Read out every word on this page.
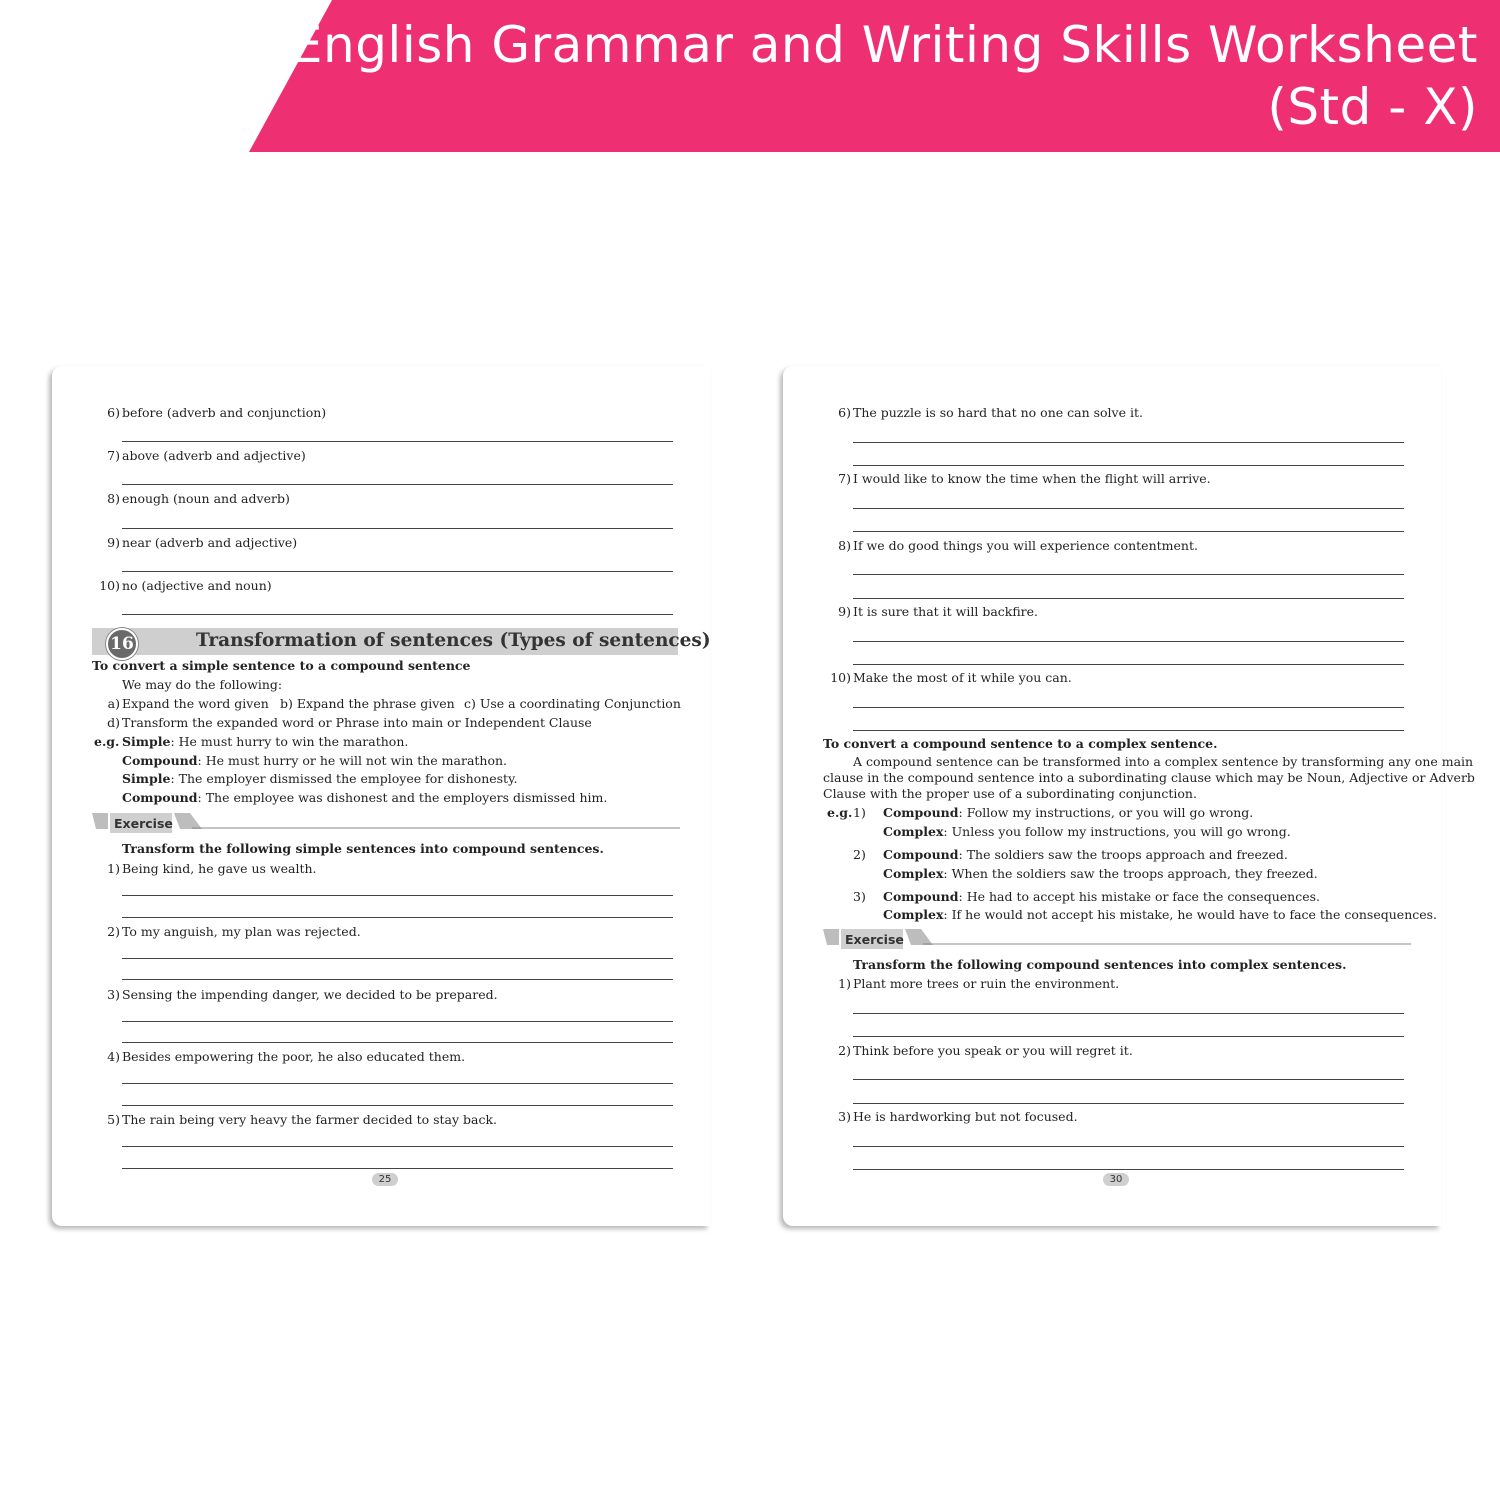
English Grammar and Writing Skills Worksheet
(Std - X)
6) before (adverb and conjunction)
7) above (adverb and adjective)
8) enough (noun and adverb)
9) near (adverb and adjective)
10) no (adjective and noun)
16	Transformation of sentences (Types of sentences)
To convert a simple sentence to a compound sentence
We may do the following:
a) Expand the word given b) Expand the phrase given c) Use a coordinating Conjunction
d) Transform the expanded word or Phrase into main or Independent Clause
e.g. Simple: He must hurry to win the marathon.
Compound: He must hurry or he will not win the marathon.
Simple: The employer dismissed the employee for dishonesty.
Compound: The employee was dishonest and the employers dismissed him.
Exercise
Transform the following simple sentences into compound sentences.
1) Being kind, he gave us wealth.
2) To my anguish, my plan was rejected.
3) Sensing the impending danger, we decided to be prepared.
4) Besides empowering the poor, he also educated them.
5) The rain being very heavy the farmer decided to stay back.
25
6) The puzzle is so hard that no one can solve it.
7) I would like to know the time when the flight will arrive.
8) If we do good things you will experience contentment.
9) It is sure that it will backfire.
10) Make the most of it while you can.
To convert a compound sentence to a complex sentence.
A compound sentence can be transformed into a complex sentence by transforming any one main
clause in the compound sentence into a subordinating clause which may be Noun, Adjective or Adverb
Clause with the proper use of a subordinating conjunction.
e.g. 1) Compound: Follow my instructions, or you will go wrong.
Complex: Unless you follow my instructions, you will go wrong.
2) Compound: The soldiers saw the troops approach and freezed.
Complex: When the soldiers saw the troops approach, they freezed.
3) Compound: He had to accept his mistake or face the consequences.
Complex: If he would not accept his mistake, he would have to face the consequences.
Exercise
Transform the following compound sentences into complex sentences.
1) Plant more trees or ruin the environment.
2) Think before you speak or you will regret it.
3) He is hardworking but not focused.
30
